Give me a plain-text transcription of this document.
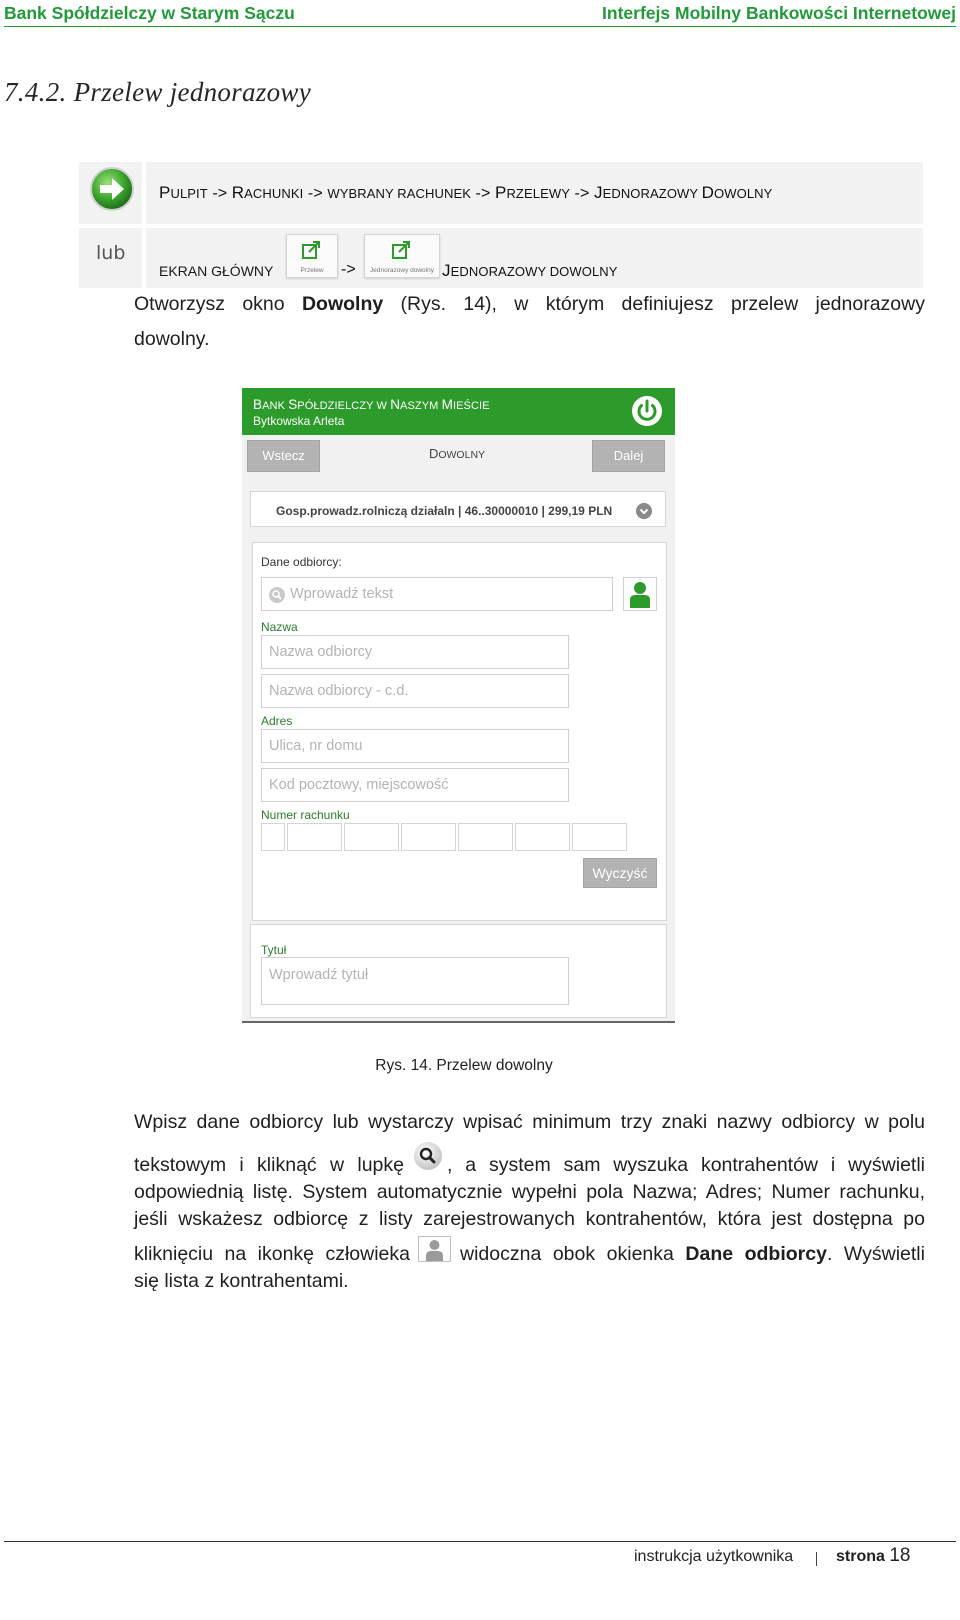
Bank Spółdzielczy w Starym Sączu	Interfejs Mobilny Bankowości Internetowej
7.4.2. Przelew jednorazowy
PULPIT -> RACHUNKI -> WYBRANY RACHUNEK -> PRZELEWY -> JEDNORAZOWY DOWOLNY
lub
EKRAN GŁÓWNY	Przelew	->	Jednorazowy dowolny JEDNORAZOWY DOWOLNY
Otworzysz okno Dowolny (Rys. 14), w którym definiujesz przelew jednorazowy
dowolny.
BANK SPÓŁDZIELCZY W NASZYM MIEŚCIE
Bytkowska Arleta
Wstecz	DOWOLNY	Dalej
Gosp.prowadz.rolniczą działaln | 46..30000010 | 299,19 PLN
Dane odbiorcy:
Wprowadź tekst
Nazwa
Nazwa odbiorcy
Nazwa odbiorcy - c.d.
Adres
Ulica, nr domu
Kod pocztowy, miejscowość
Numer rachunku
Wyczyść
Tytuł
Wprowadź tytuł
Rys. 14. Przelew dowolny
Wpisz dane odbiorcy lub wystarczy wpisać minimum trzy znaki nazwy odbiorcy w polu
tekstowym i kliknąć w lupkę , a system sam wyszuka kontrahentów i wyświetli
odpowiednią listę. System automatycznie wypełni pola Nazwa; Adres; Numer rachunku,
jeśli wskażesz odbiorcę z listy zarejestrowanych kontrahentów, która jest dostępna po
kliknięciu na ikonkę człowieka	widoczna obok okienka Dane odbiorcy. Wyświetli
się lista z kontrahentami.
instrukcja użytkownika	strona 18
